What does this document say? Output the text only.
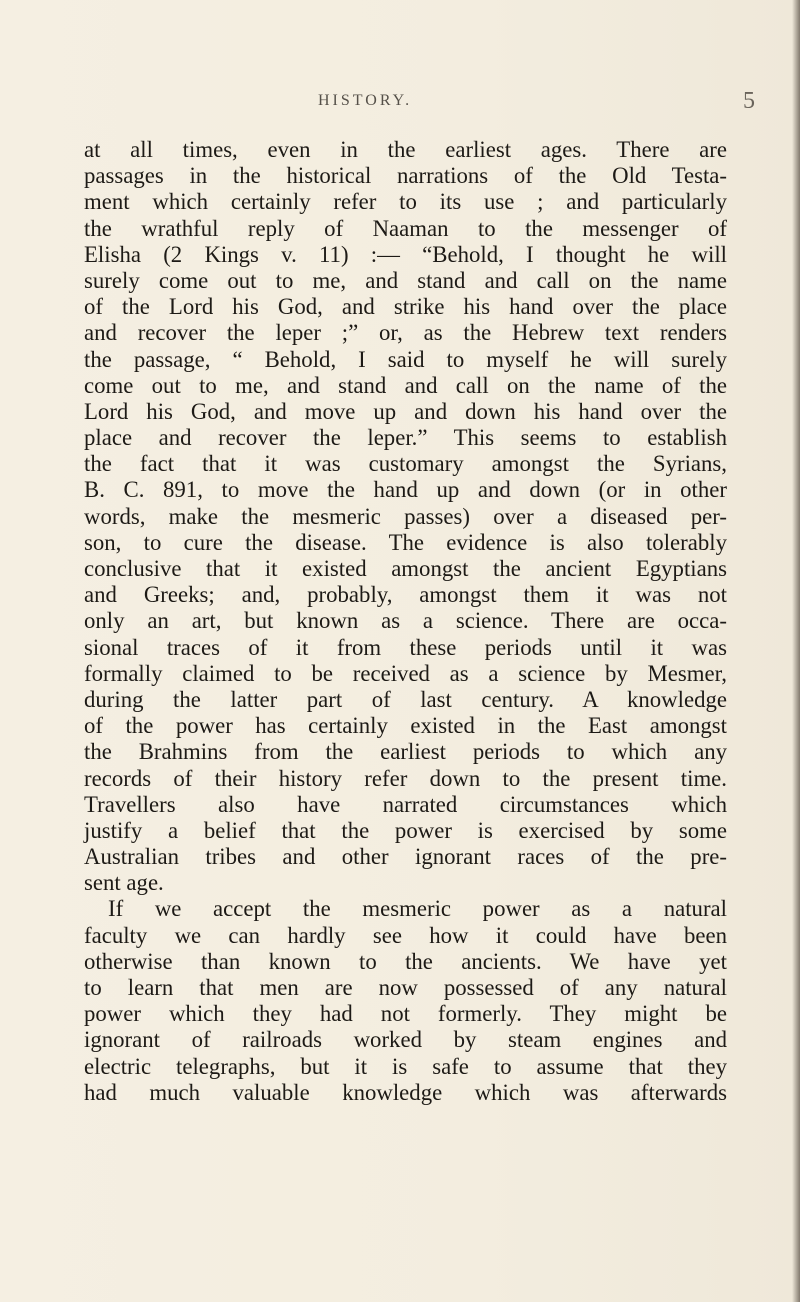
HISTORY.	5
at all times, even in the earliest ages. There are
passages in the historical narrations of the Old Testa-
ment which certainly refer to its use ; and particularly
the wrathful reply of Naaman to the messenger of
Elisha (2 Kings v. 11) :— “Behold, I thought he will
surely come out to me, and stand and call on the name
of the Lord his God, and strike his hand over the place
and recover the leper ;” or, as the Hebrew text renders
the passage, “ Behold, I said to myself he will surely
come out to me, and stand and call on the name of the
Lord his God, and move up and down his hand over the
place and recover the leper.” This seems to establish
the fact that it was customary amongst the Syrians,
B. C. 891, to move the hand up and down (or in other
words, make the mesmeric passes) over a diseased per-
son, to cure the disease. The evidence is also tolerably
conclusive that it existed amongst the ancient Egyptians
and Greeks; and, probably, amongst them it was not
only an art, but known as a science. There are occa-
sional traces of it from these periods until it was
formally claimed to be received as a science by Mesmer,
during the latter part of last century. A knowledge
of the power has certainly existed in the East amongst
the Brahmins from the earliest periods to which any
records of their history refer down to the present time.
Travellers also have narrated circumstances which
justify a belief that the power is exercised by some
Australian tribes and other ignorant races of the pre-
sent age.
If we accept the mesmeric power as a natural
faculty we can hardly see how it could have been
otherwise than known to the ancients. We have yet
to learn that men are now possessed of any natural
power which they had not formerly. They might be
ignorant of railroads worked by steam engines and
electric telegraphs, but it is safe to assume that they
had much valuable knowledge which was afterwards
